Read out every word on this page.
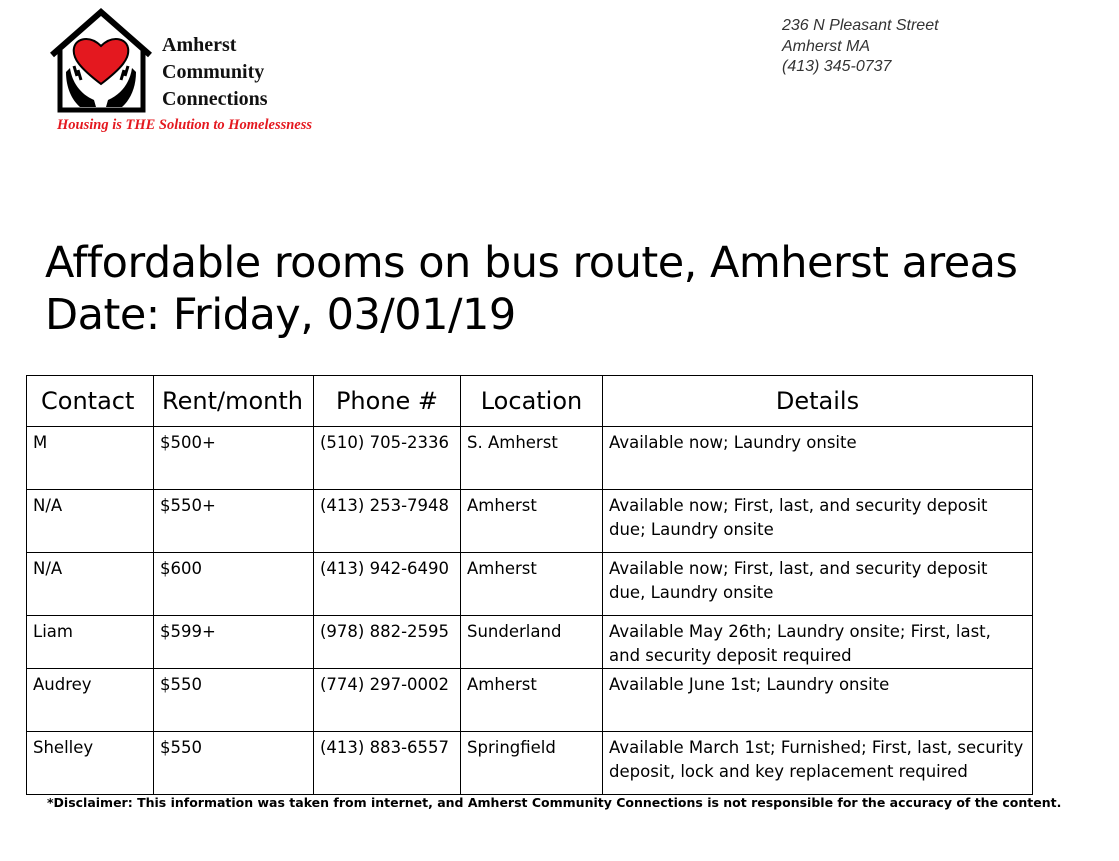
Amherst
Community
Connections
Housing is THE Solution to Homelessness
236 N Pleasant Street
Amherst MA
(413) 345-0737
Affordable rooms on bus route, Amherst areas
Date: Friday, 03/01/19
Contact	Rent/month	Phone #	Location	Details
M	$500+	(510) 705-2336	S. Amherst	Available now; Laundry onsite
N/A	$550+	(413) 253-7948	Amherst	Available now; First, last, and security deposit due; Laundry onsite
N/A	$600	(413) 942-6490	Amherst	Available now; First, last, and security deposit due, Laundry onsite
Liam	$599+	(978) 882-2595	Sunderland	Available May 26th; Laundry onsite; First, last, and security deposit required
Audrey	$550	(774) 297-0002	Amherst	Available June 1st; Laundry onsite
Shelley	$550	(413) 883-6557	Springfield	Available March 1st; Furnished; First, last, security deposit, lock and key replacement required
*Disclaimer: This information was taken from internet, and Amherst Community Connections is not responsible for the accuracy of the content.
